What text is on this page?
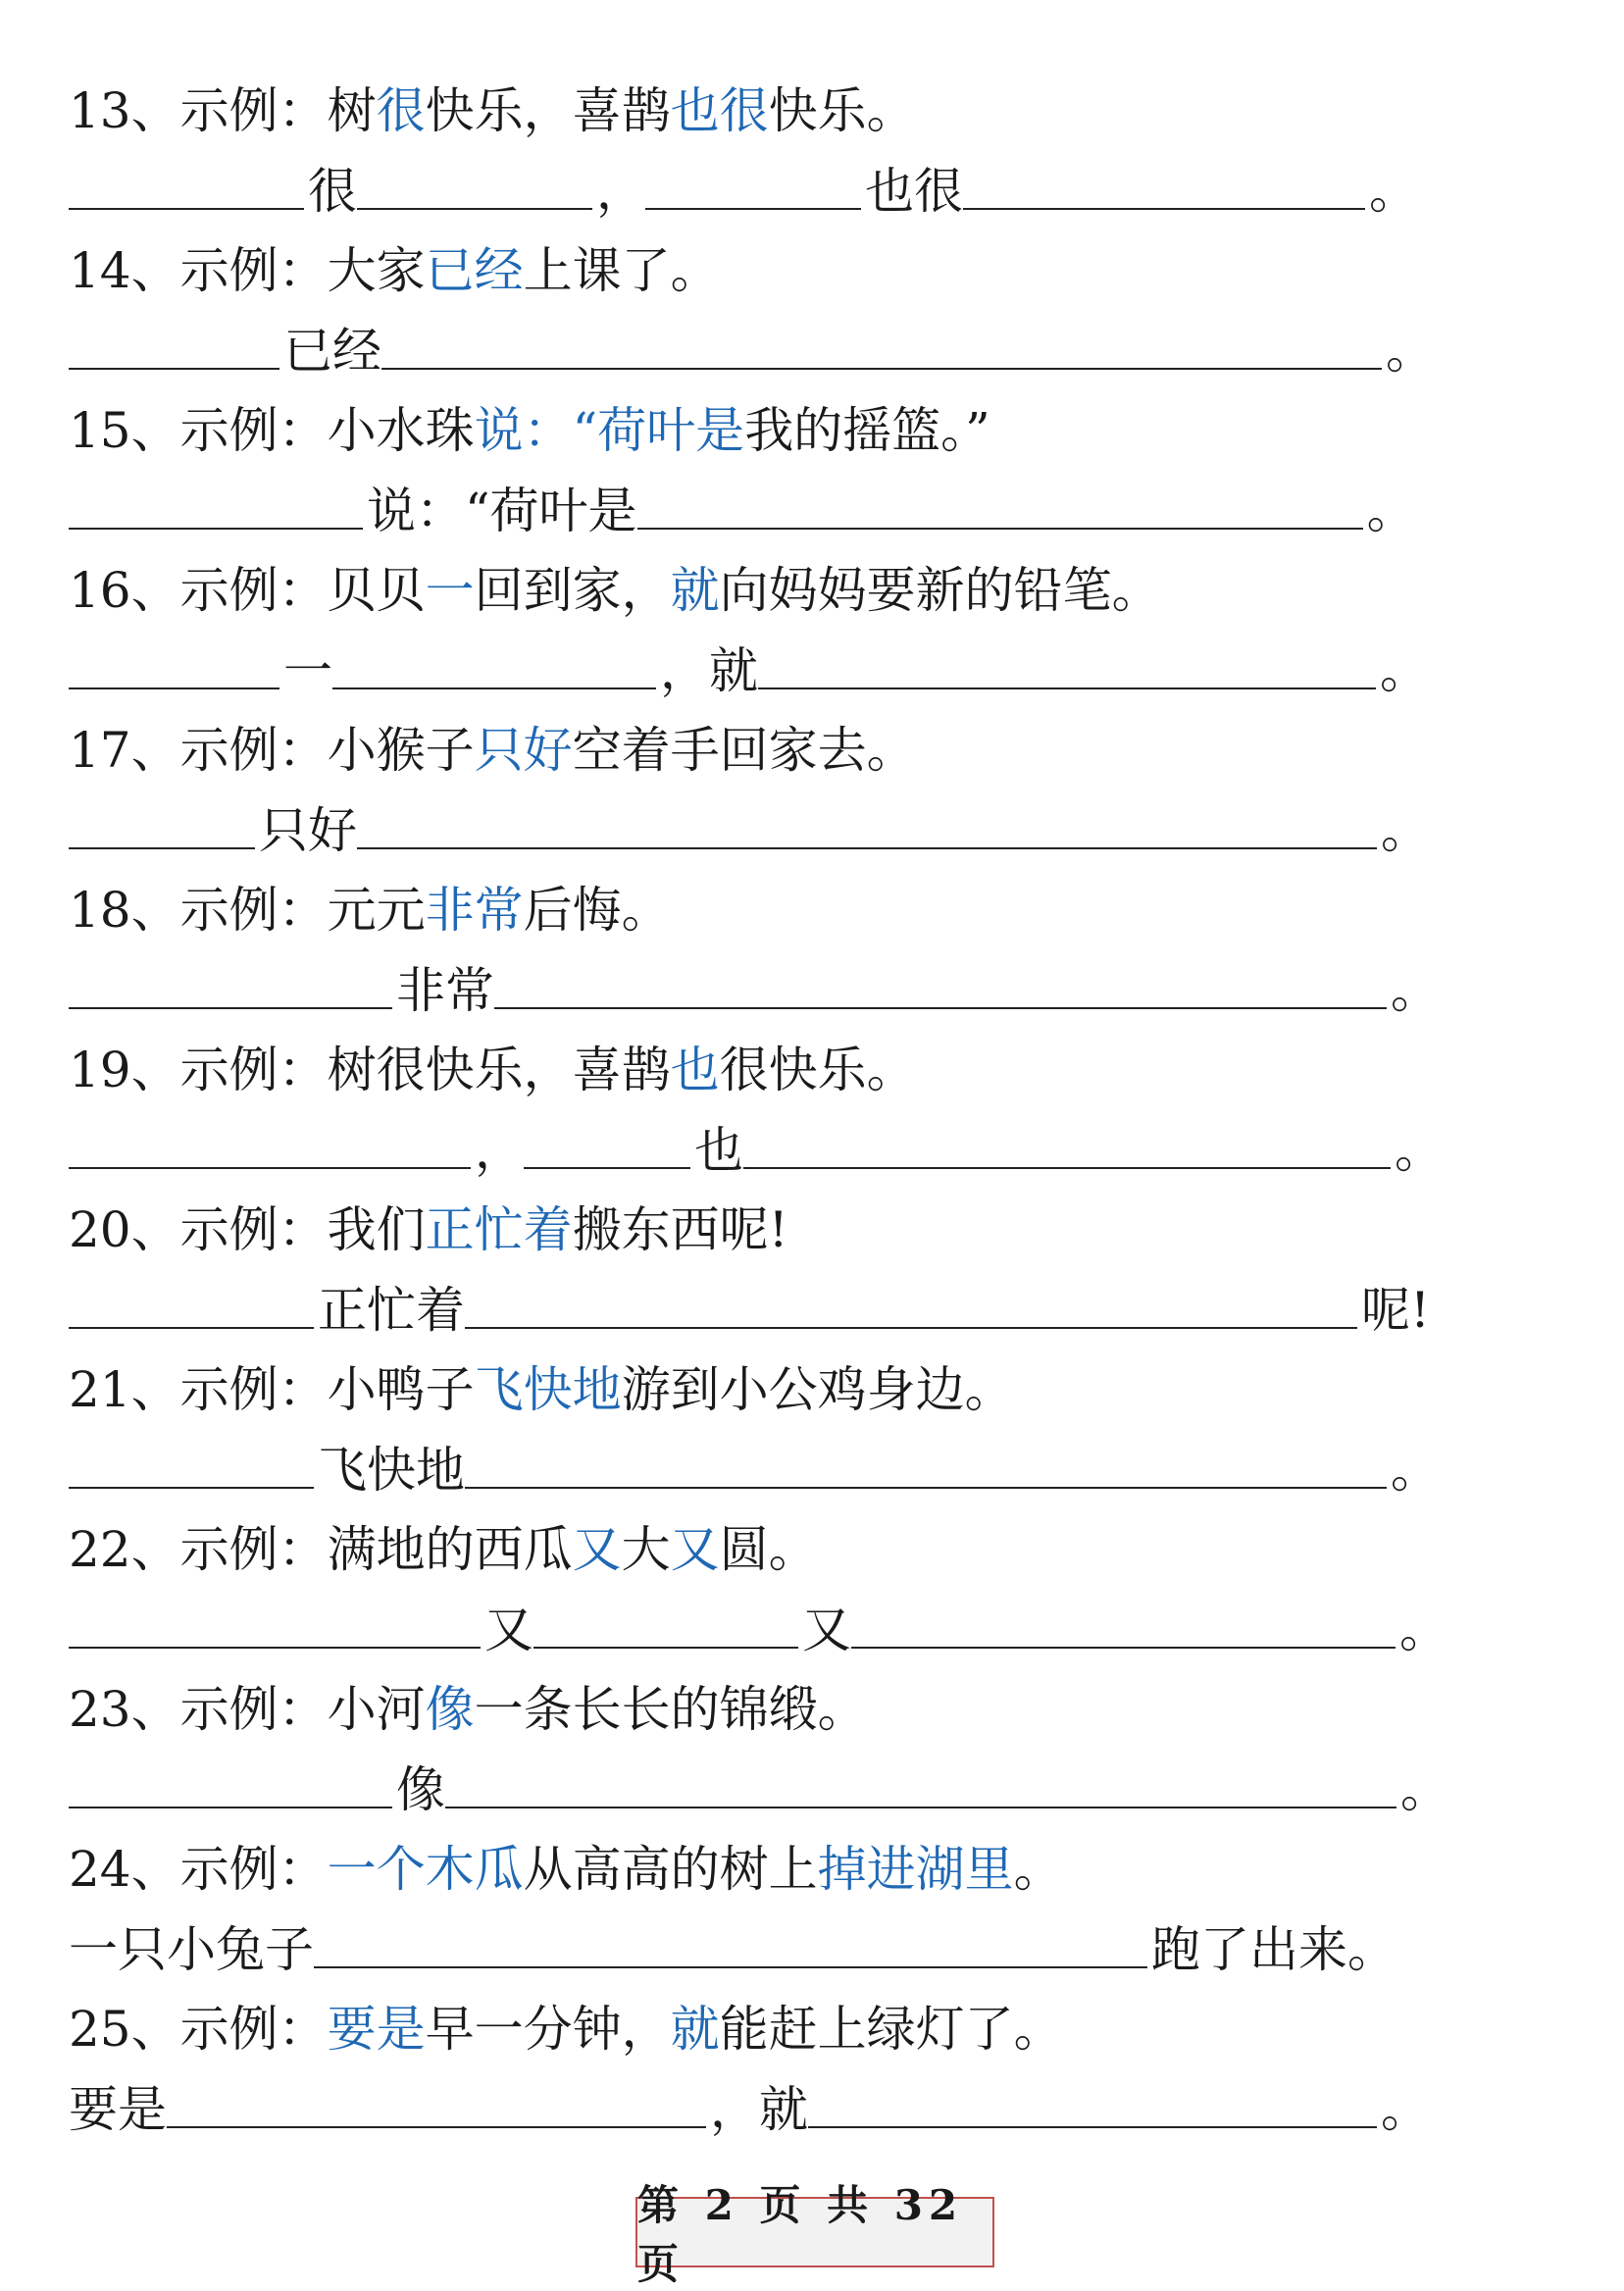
13、示例：树 很 快乐，喜鹊 也很 快乐。
很	，	也很	。
14、示例：大家 已经 上课了。
已经	。
15、示例：小水珠 说：“荷叶是 我的摇篮。”
说：“荷叶是	。
16、示例：贝贝 一 回到家， 就 向妈妈要新的铅笔。
一	，就	。
17、示例：小猴子 只好 空着手回家去。
只好	。
18、示例：元元 非常 后悔。
非常	。
19、示例：树很快乐，喜鹊 也 很快乐。
，	也	。
20、示例：我们 正忙着 搬东西呢!
正忙着	呢!
21、示例：小鸭子 飞快地 游到小公鸡身边。
飞快地	。
22、示例：满地的西瓜 又 大 又 圆。
又	又	。
23、示例：小河 像 一条长长的锦缎。
像	。
24、示例： 一个木瓜 从高高的树上 掉进湖里 。
一只小兔子	跑了出来。
25、示例： 要是 早一分钟， 就 能赶上绿灯了。
要是	，就	。
第 2 页 共 32 页
